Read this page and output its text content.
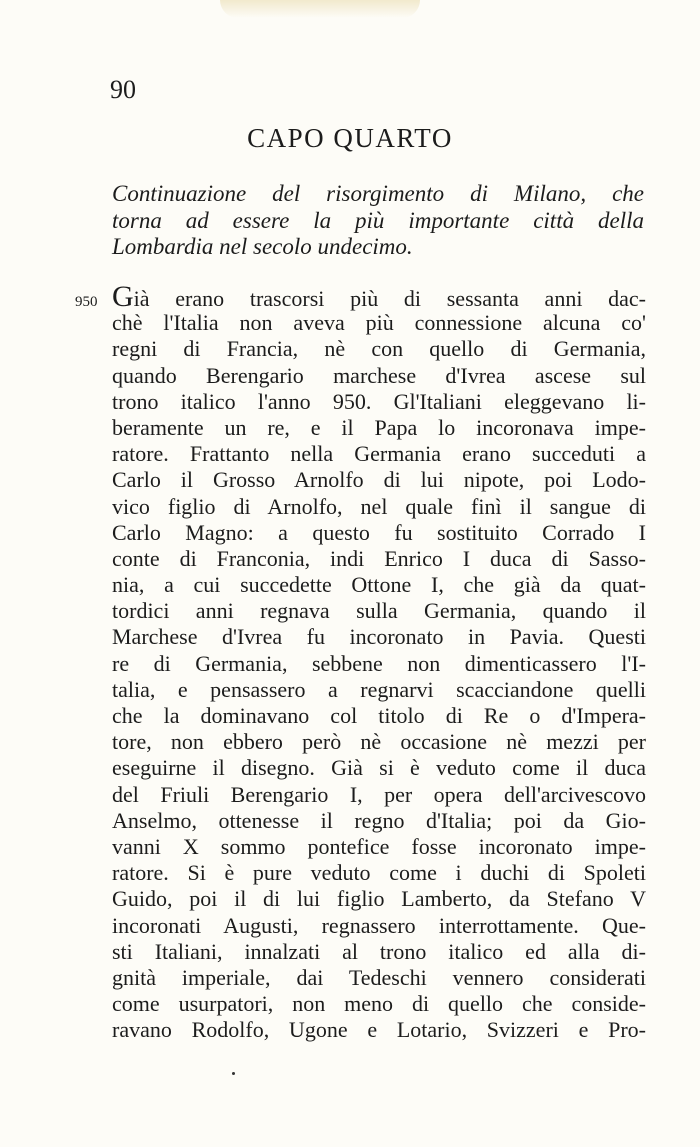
90
CAPO QUARTO
Continuazione del risorgimento di Milano, che
torna ad essere la più importante città della
Lombardia nel secolo undecimo.
950 Già erano trascorsi più di sessanta anni dac-
chè l'Italia non aveva più connessione alcuna co'
regni di Francia, nè con quello di Germania,
quando Berengario marchese d'Ivrea ascese sul
trono italico l'anno 950. Gl'Italiani eleggevano li-
beramente un re, e il Papa lo incoronava impe-
ratore. Frattanto nella Germania erano succeduti a
Carlo il Grosso Arnolfo di lui nipote, poi Lodo-
vico figlio di Arnolfo, nel quale finì il sangue di
Carlo Magno: a questo fu sostituito Corrado I
conte di Franconia, indi Enrico I duca di Sasso-
nia, a cui succedette Ottone I, che già da quat-
tordici anni regnava sulla Germania, quando il
Marchese d'Ivrea fu incoronato in Pavia. Questi
re di Germania, sebbene non dimenticassero l'I-
talia, e pensassero a regnarvi scacciandone quelli
che la dominavano col titolo di Re o d'Impera-
tore, non ebbero però nè occasione nè mezzi per
eseguirne il disegno. Già si è veduto come il duca
del Friuli Berengario I, per opera dell'arcivescovo
Anselmo, ottenesse il regno d'Italia; poi da Gio-
vanni X sommo pontefice fosse incoronato impe-
ratore. Si è pure veduto come i duchi di Spoleti
Guido, poi il di lui figlio Lamberto, da Stefano V
incoronati Augusti, regnassero interrottamente. Que-
sti Italiani, innalzati al trono italico ed alla di-
gnità imperiale, dai Tedeschi vennero considerati
come usurpatori, non meno di quello che conside-
ravano Rodolfo, Ugone e Lotario, Svizzeri e Pro-
